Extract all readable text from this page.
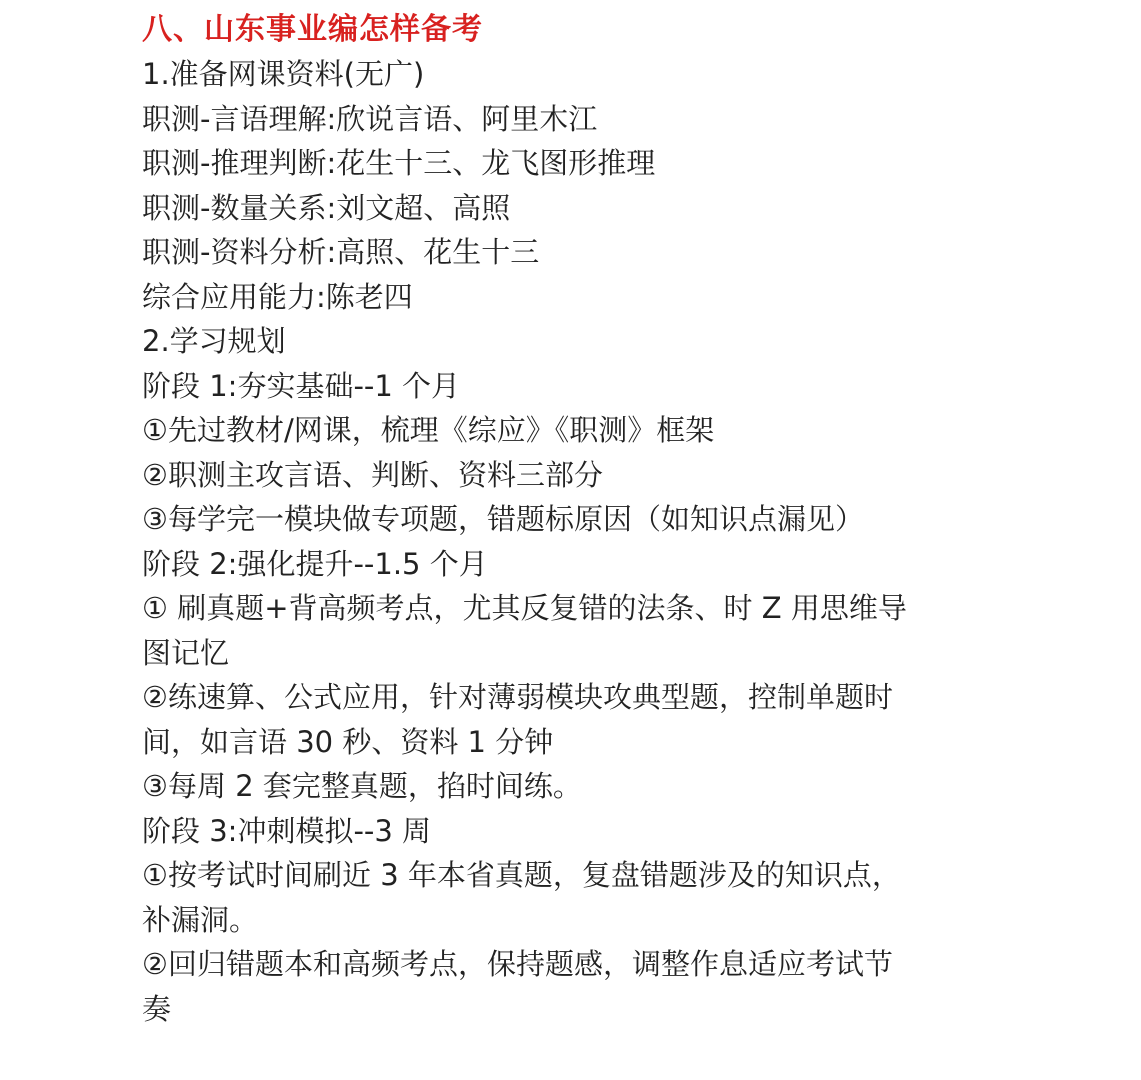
八、山东事业编怎样备考
1.准备网课资料(无广)
职测-言语理解:欣说言语、阿里木江
职测-推理判断:花生十三、龙飞图形推理
职测-数量关系:刘文超、高照
职测-资料分析:高照、花生十三
综合应用能力:陈老四
2.学习规划
阶段 1:夯实基础--1 个月
①先过教材/网课，梳理《综应》《职测》框架
②职测主攻言语、判断、资料三部分
③每学完一模块做专项题，错题标原因（如知识点漏见）
阶段 2:强化提升--1.5 个月
① 刷真题+背高频考点，尤其反复错的法条、时 Z 用思维导
图记忆
②练速算、公式应用，针对薄弱模块攻典型题，控制单题时
间，如言语 30 秒、资料 1 分钟
③每周 2 套完整真题，掐时间练。
阶段 3:冲刺模拟--3 周
①按考试时间刷近 3 年本省真题，复盘错题涉及的知识点，
补漏洞。
②回归错题本和高频考点，保持题感，调整作息适应考试节
奏
